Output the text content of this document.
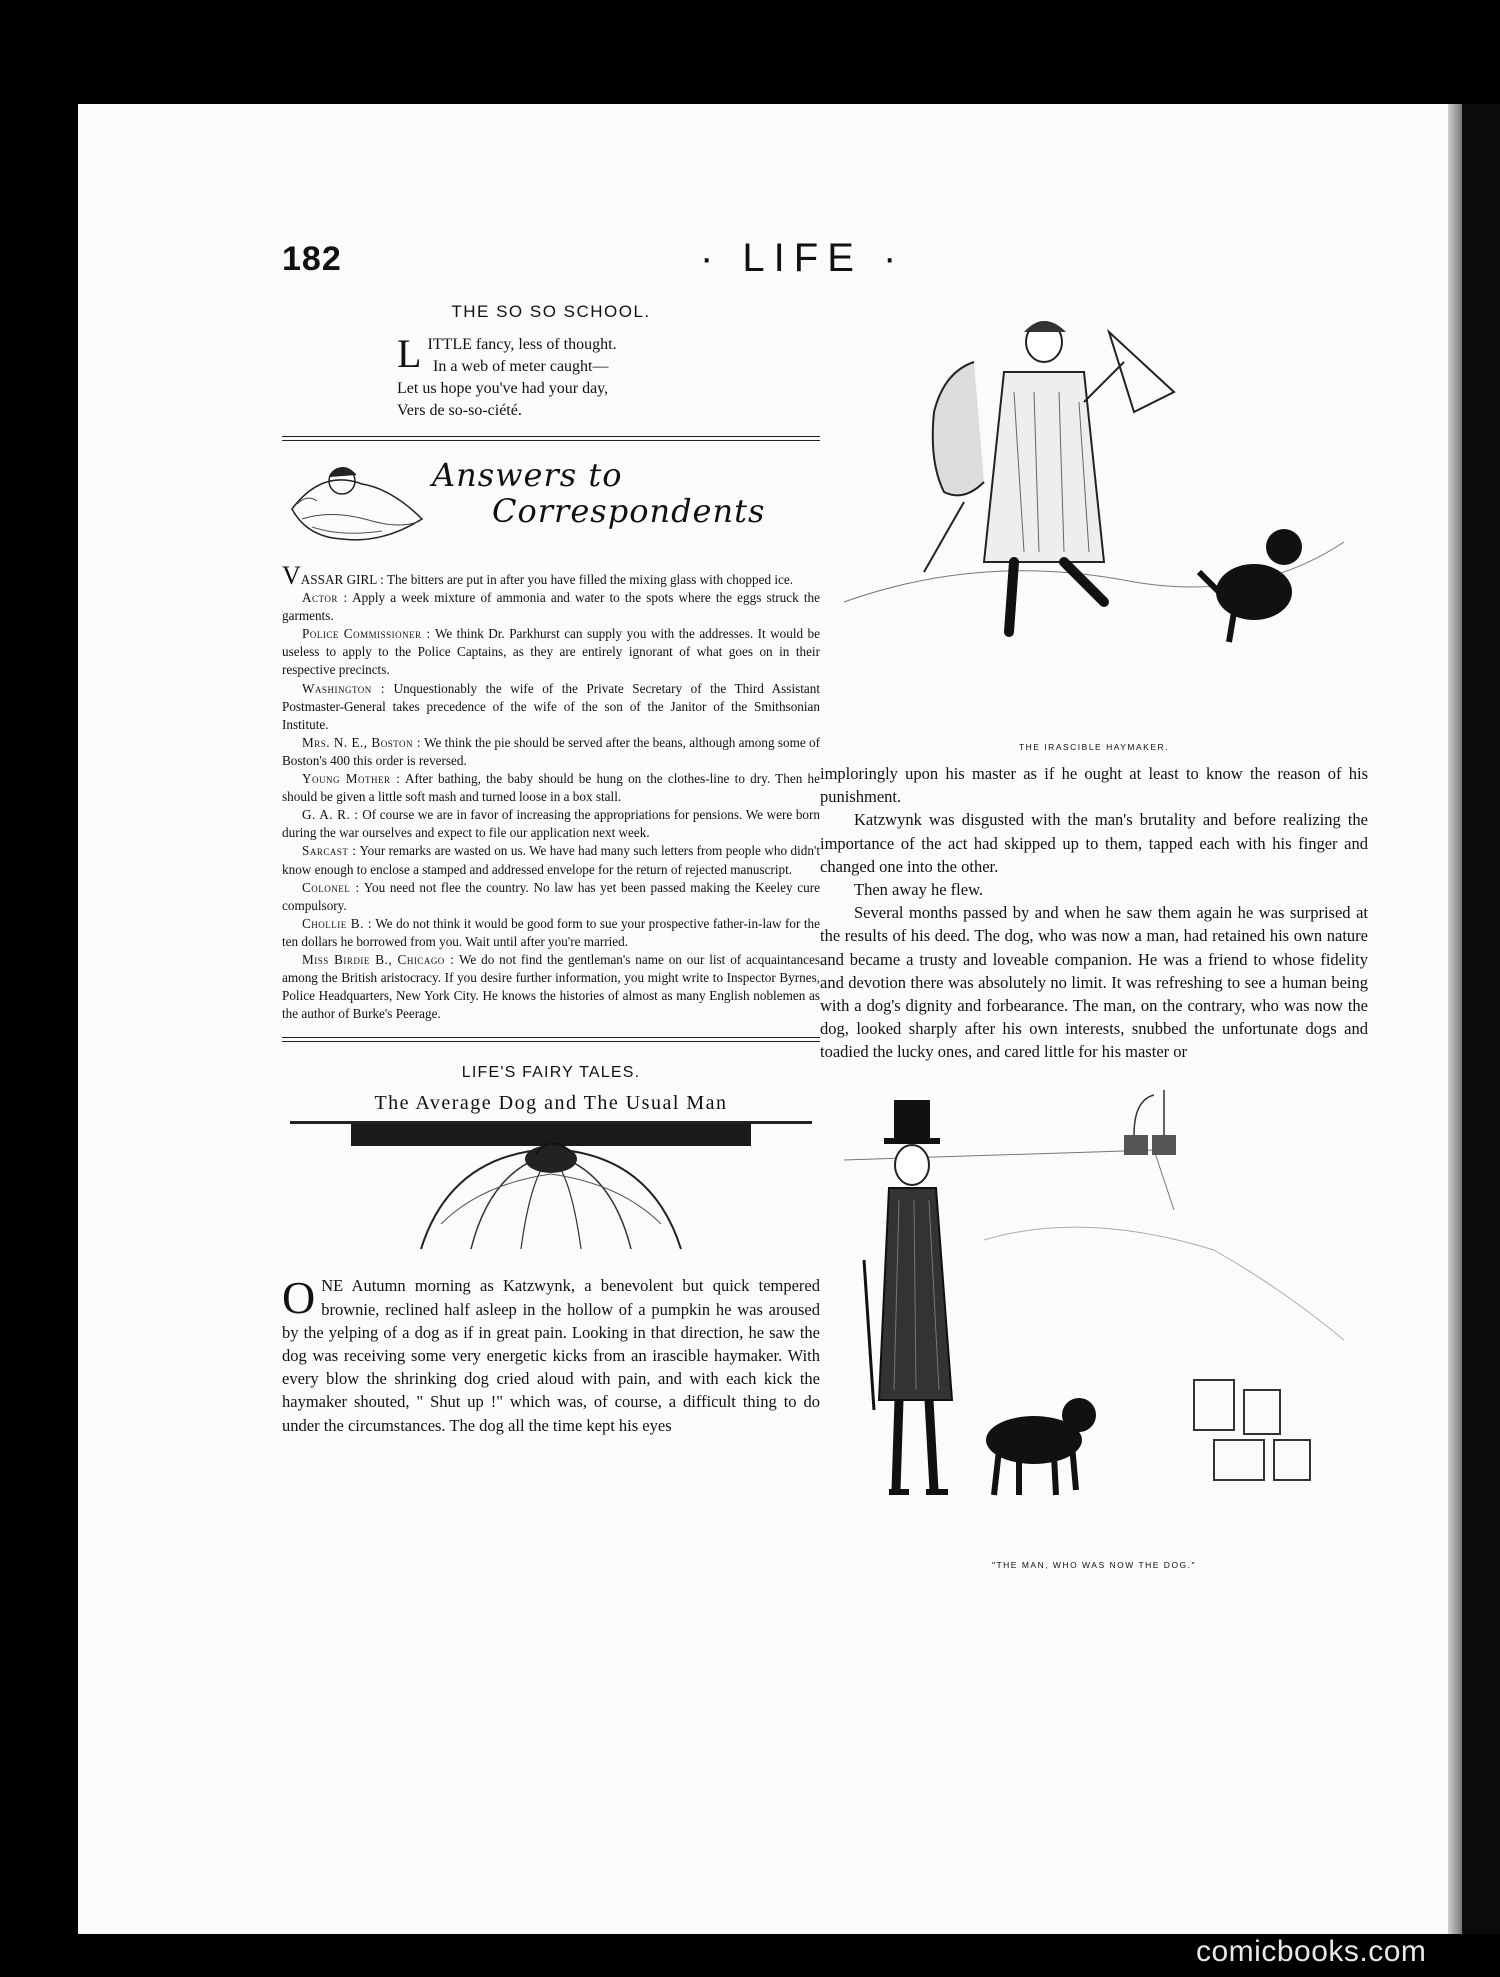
182	· LIFE ·
THE SO SO SCHOOL.
L ITTLE fancy, less of thought.
In a web of meter caught—
Let us hope you've had your day,
Vers de so-so-ciété.
Answers to
Correspondents

VASSAR GIRL : The bitters are put in after you have filled the mixing glass with chopped ice.

Actor : Apply a week mixture of ammonia and water to the spots where the eggs struck the garments.

Police Commissioner : We think Dr. Parkhurst can supply you with the addresses. It would be useless to apply to the Police Captains, as they are entirely ignorant of what goes on in their respective precincts.

Washington : Unquestionably the wife of the Private Secretary of the Third Assistant Postmaster-General takes precedence of the wife of the son of the Janitor of the Smithsonian Institute.

Mrs. N. E., Boston : We think the pie should be served after the beans, although among some of Boston's 400 this order is reversed.

Young Mother : After bathing, the baby should be hung on the clothes-line to dry. Then he should be given a little soft mash and turned loose in a box stall.

G. A. R. : Of course we are in favor of increasing the appropriations for pensions. We were born during the war ourselves and expect to file our application next week.

Sarcast : Your remarks are wasted on us. We have had many such letters from people who didn't know enough to enclose a stamped and addressed envelope for the return of rejected manuscript.

Colonel : You need not flee the country. No law has yet been passed making the Keeley cure compulsory.

Chollie B. : We do not think it would be good form to sue your prospective father-in-law for the ten dollars he borrowed from you. Wait until after you're married.

Miss Birdie B., Chicago : We do not find the gentleman's name on our list of acquaintances among the British aristocracy. If you desire further information, you might write to Inspector Byrnes, Police Headquarters, New York City. He knows the histories of almost as many English noblemen as the author of Burke's Peerage.

LIFE'S FAIRY TALES.
The Average Dog and The Usual Man

ONE Autumn morning as Katzwynk, a benevolent but quick tempered brownie, reclined half asleep in the hollow of a pumpkin he was aroused by the yelping of a dog as if in great pain. Looking in that direction, he saw the dog was receiving some very energetic kicks from an irascible haymaker. With every blow the shrinking dog cried aloud with pain, and with each kick the haymaker shouted, " Shut up !" which was, of course, a difficult thing to do under the circumstances. The dog all the time kept his eyes

THE IRASCIBLE HAYMAKER.

imploringly upon his master as if he ought at least to know the reason of his punishment.

Katzwynk was disgusted with the man's brutality and before realizing the importance of the act had skipped up to them, tapped each with his finger and changed one into the other.

Then away he flew.

Several months passed by and when he saw them again he was surprised at the results of his deed. The dog, who was now a man, had retained his own nature and became a trusty and loveable companion. He was a friend to whose fidelity and devotion there was absolutely no limit. It was refreshing to see a human being with a dog's dignity and forbearance. The man, on the contrary, who was now the dog, looked sharply after his own interests, snubbed the unfortunate dogs and toadied the lucky ones, and cared little for his master or

"THE MAN, WHO WAS NOW THE DOG."
comicbooks.com
